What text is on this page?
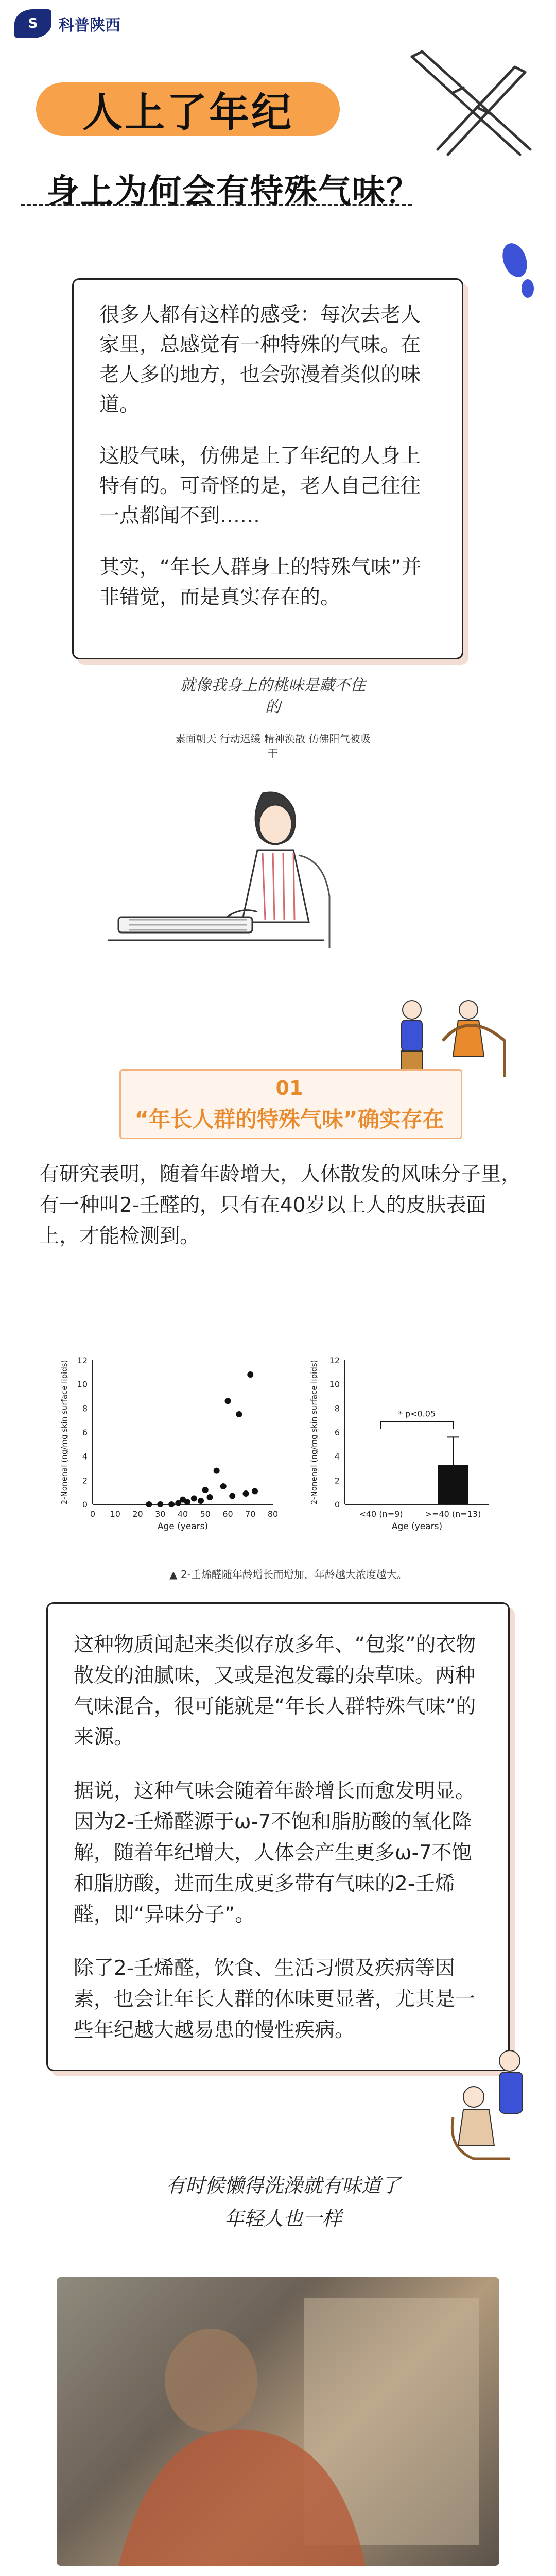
S	科普陕西
人上了年纪
身上为何会有特殊气味？

很多人都有这样的感受：每次去老人家里，总感觉有一种特殊的气味。在老人多的地方，也会弥漫着类似的味道。

这股气味，仿佛是上了年纪的人身上特有的。可奇怪的是，老人自己往往一点都闻不到……

其实，“年长人群身上的特殊气味”并非错觉，而是真实存在的。

就像我身上的桃味是藏不住的
素面朝天 行动迟缓 精神涣散 仿佛阳气被吸干
01
“年长人群的特殊气味”确实存在
有研究表明，随着年龄增大，人体散发的风味分子里，有一种叫2-壬醛的，只有在40岁以上人的皮肤表面上，才能检测到。
0 10 20 30 40 50 60 70 80
0
2
4
6
8
10
12
Age (years)
2-Nonenal (ng/mg skin surface lipids)
0
2
4
6
8
10
12
2-Nonenal (ng/mg skin surface lipids)
Age (years)
<40 (n=9)	>=40 (n=13)
* p<0.05
▲ 2-壬烯醛随年龄增长而增加，年龄越大浓度越大。

这种物质闻起来类似存放多年、“包浆”的衣物散发的油腻味，又或是泡发霉的杂草味。两种气味混合，很可能就是“年长人群特殊气味”的来源。

据说，这种气味会随着年龄增长而愈发明显。因为2-壬烯醛源于ω-7不饱和脂肪酸的氧化降解，随着年纪增大，人体会产生更多ω-7不饱和脂肪酸，进而生成更多带有气味的2-壬烯醛，即“异味分子”。

除了2-壬烯醛，饮食、生活习惯及疾病等因素，也会让年长人群的体味更显著，尤其是一些年纪越大越易患的慢性疾病。

有时候懒得洗澡就有味道了
年轻人也一样
